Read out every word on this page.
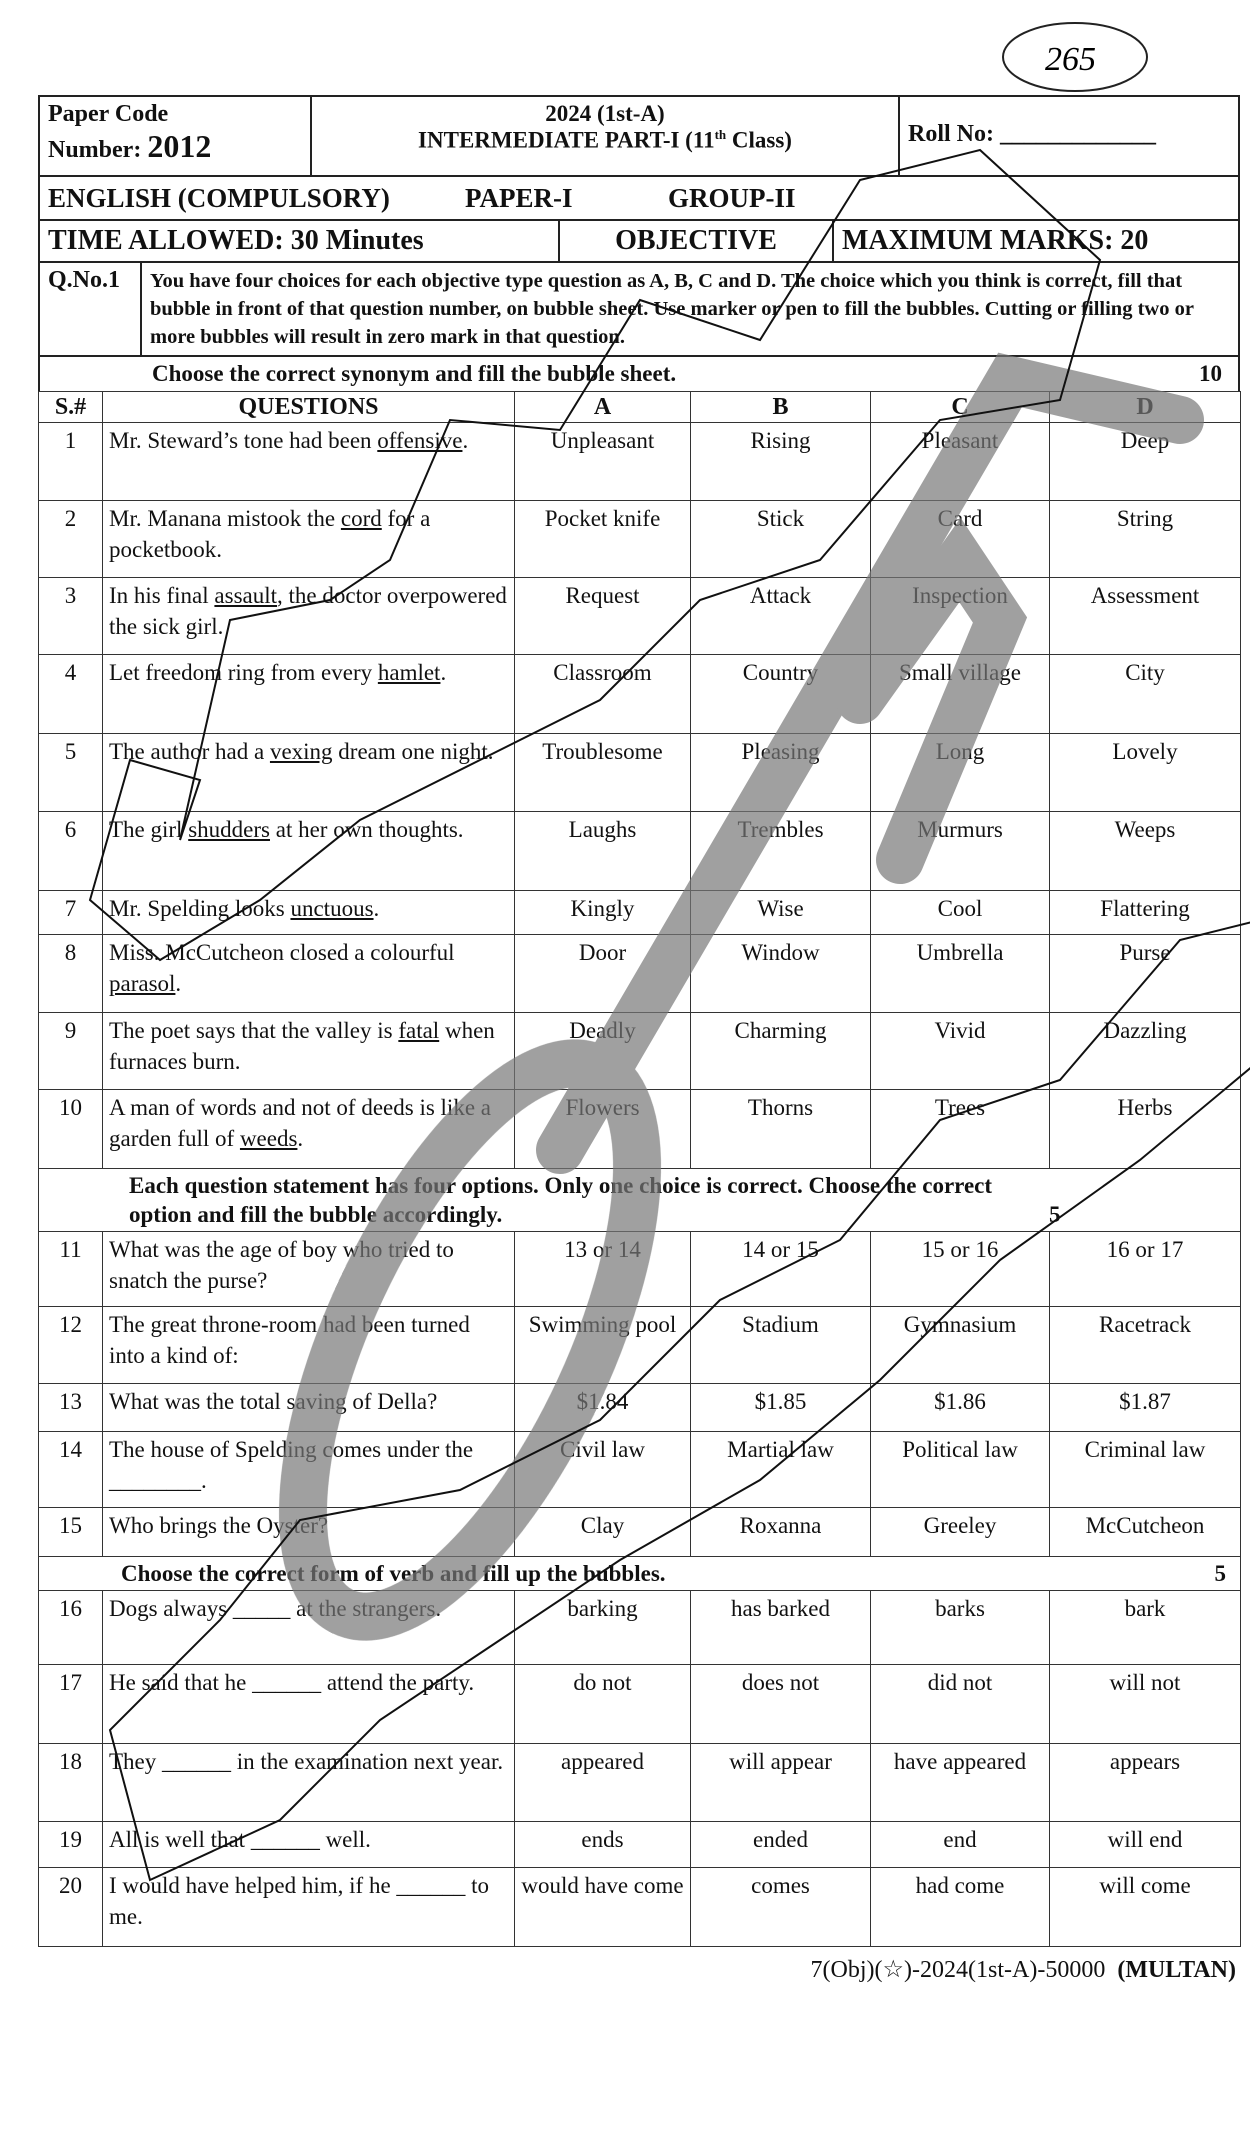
265
Paper Code
Number: 2012
2024 (1st-A)
INTERMEDIATE PART-I (11th Class)	Roll No: _____________
ENGLISH (COMPULSORY)	PAPER-I	GROUP-II
TIME ALLOWED: 30 Minutes	OBJECTIVE	MAXIMUM MARKS: 20
Q.No.1	You have four choices for each objective type question as A, B, C and D. The choice which you think is correct, fill that bubble in front of that question number, on bubble sheet. Use marker or pen to fill the bubbles. Cutting or filling two or more bubbles will result in zero mark in that question.
Choose the correct synonym and fill the bubble sheet.	10
S.#	QUESTIONS	A	B	C	D
1	Mr. Steward’s tone had been offensive.	Unpleasant	Rising	Pleasant	Deep
2	Mr. Manana mistook the cord for a pocketbook.	Pocket knife	Stick	Card	String
3	In his final assault, the doctor overpowered the sick girl.	Request	Attack	Inspection	Assessment
4	Let freedom ring from every hamlet.	Classroom	Country	Small village	City
5	The author had a vexing dream one night.	Troublesome	Pleasing	Long	Lovely
6	The girl shudders at her own thoughts.	Laughs	Trembles	Murmurs	Weeps
7	Mr. Spelding looks unctuous.	Kingly	Wise	Cool	Flattering
8	Miss. McCutcheon closed a colourful parasol.	Door	Window	Umbrella	Purse
9	The poet says that the valley is fatal when furnaces burn.	Deadly	Charming	Vivid	Dazzling
10	A man of words and not of deeds is like a garden full of weeds.	Flowers	Thorns	Trees	Herbs

Each question statement has four options. Only one choice is correct. Choose the correct option and fill the bubble accordingly. 5					

11	What was the age of boy who tried to snatch the purse?	13 or 14	14 or 15	15 or 16	16 or 17
12	The great throne-room had been turned into a kind of:	Swimming pool	Stadium	Gymnasium	Racetrack
13	What was the total saving of Della?	$1.84	$1.85	$1.86	$1.87
14	The house of Spelding comes under the ________.	Civil law	Martial law	Political law	Criminal law
15	Who brings the Oyster?	Clay	Roxanna	Greeley	McCutcheon

Choose the correct form of verb and fill up the bubbles. 5					

16	Dogs always _____ at the strangers.	barking	has barked	barks	bark
17	He said that he ______ attend the party.	do not	does not	did not	will not
18	They ______ in the examination next year.	appeared	will appear	have appeared	appears
19	All is well that ______ well.	ends	ended	end	will end
20	I would have helped him, if he ______ to me.	would have come	comes	had come	will come
7(Obj)(☆)-2024(1st-A)-50000 (MULTAN)
